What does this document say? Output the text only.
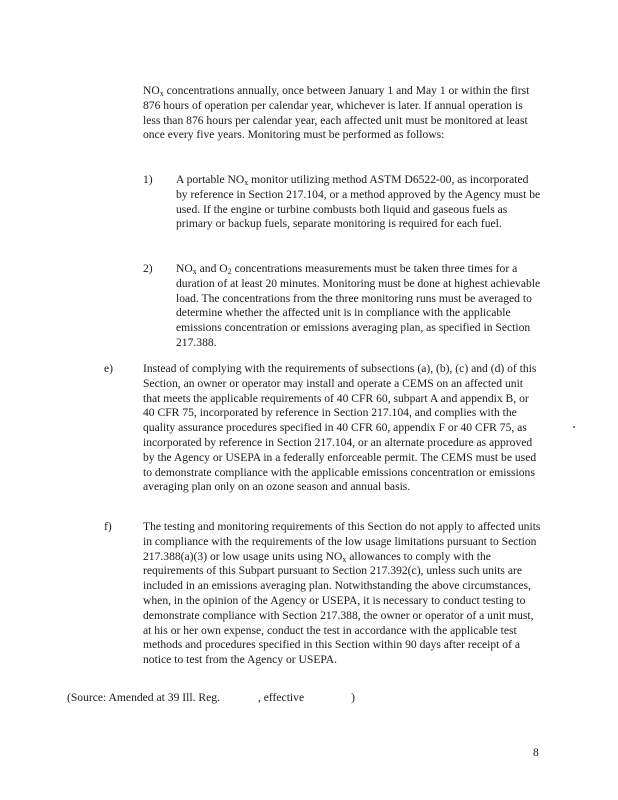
$NO_x$ concentrations annually, once between January 1 and May 1 or within the first 876 hours of operation per calendar year, whichever is later. If annual operation is less than 876 hours per calendar year, each affected unit must be monitored at least once every five years. Monitoring must be performed as follows:

1) A portable $NO_x$ monitor utilizing method ASTM D6522-00, as incorporated by reference in Section 217.104, or a method approved by the Agency must be used. If the engine or turbine combusts both liquid and gaseous fuels as primary or backup fuels, separate monitoring is required for each fuel.

2) $NO_x$ and $O_2$ concentrations measurements must be taken three times for a duration of at least 20 minutes. Monitoring must be done at highest achievable load. The concentrations from the three monitoring runs must be averaged to determine whether the affected unit is in compliance with the applicable emissions concentration or emissions averaging plan, as specified in Section 217.388.

e)	Instead of complying with the requirements of subsections (a), (b), (c) and (d) of this Section, an owner or operator may install and operate a CEMS on an affected unit that meets the applicable requirements of 40 CFR 60, subpart A and appendix B, or 40 CFR 75, incorporated by reference in Section 217.104, and complies with the quality assurance procedures specified in 40 CFR 60, appendix F or 40 CFR 75, as incorporated by reference in Section 217.104, or an alternate procedure as approved by the Agency or USEPA in a federally enforceable permit. The CEMS must be used to demonstrate compliance with the applicable emissions concentration or emissions averaging plan only on an ozone season and annual basis.

f)	The testing and monitoring requirements of this Section do not apply to affected units in compliance with the requirements of the low usage limitations pursuant to Section 217.388(a)(3) or low usage units using $NO_x$ allowances to comply with the requirements of this Subpart pursuant to Section 217.392(c), unless such units are included in an emissions averaging plan. Notwithstanding the above circumstances, when, in the opinion of the Agency or USEPA, it is necessary to conduct testing to demonstrate compliance with Section 217.388, the owner or operator of a unit must, at his or her own expense, conduct the test in accordance with the applicable test methods and procedures specified in this Section within 90 days after receipt of a notice to test from the Agency or USEPA.

(Source: Amended at 39 Ill. Reg.	, effective	)
8
